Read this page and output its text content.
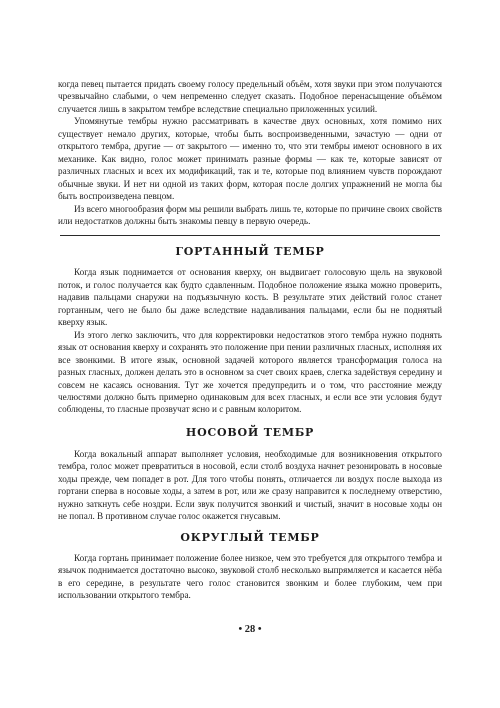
когда певец пытается придать своему голосу предельный объём, хотя звуки при этом получаются чрезвычайно слабыми, о чем непременно следует сказать. Подобное перенасыщение объёмом случается лишь в закрытом тембре вследствие специально приложенных усилий.

Упомянутые тембры нужно рассматривать в качестве двух основных, хотя помимо них существует немало других, которые, чтобы быть воспроизведенными, зачастую — одни от открытого тембра, другие — от закрытого — именно то, что эти тембры имеют основного в их механике. Как видно, голос может принимать разные формы — как те, которые зависят от различных гласных и всех их модификаций, так и те, которые под влиянием чувств порождают обычные звуки. И нет ни одной из таких форм, которая после долгих упражнений не могла бы быть воспроизведена певцом.

Из всего многообразия форм мы решили выбрать лишь те, которые по причине своих свойств или недостатков должны быть знакомы певцу в первую очередь.

ГОРТАННЫЙ ТЕМБР

Когда язык поднимается от основания кверху, он выдвигает голосовую щель на звуковой поток, и голос получается как будто сдавленным. Подобное положение языка можно проверить, надавив пальцами снаружи на подъязычную кость. В результате этих действий голос станет гортанным, чего не было бы даже вследствие надавливания пальцами, если бы не поднятый кверху язык.

Из этого легко заключить, что для корректировки недостатков этого тембра нужно поднять язык от основания кверху и сохранять это положение при пении различных гласных, исполняя их все звонкими. В итоге язык, основной задачей которого является трансформация голоса на разных гласных, должен делать это в основном за счет своих краев, слегка задействуя середину и совсем не касаясь основания. Тут же хочется предупредить и о том, что расстояние между челюстями должно быть примерно одинаковым для всех гласных, и если все эти условия будут соблюдены, то гласные прозвучат ясно и с равным колоритом.

НОСОВОЙ ТЕМБР

Когда вокальный аппарат выполняет условия, необходимые для возникновения открытого тембра, голос может превратиться в носовой, если столб воздуха начнет резонировать в носовые ходы прежде, чем попадет в рот. Для того чтобы понять, отличается ли воздух после выхода из гортани сперва в носовые ходы, а затем в рот, или же сразу направится к последнему отверстию, нужно заткнуть себе ноздри. Если звук получится звонкий и чистый, значит в носовые ходы он не попал. В противном случае голос окажется гнусавым.

ОКРУГЛЫЙ ТЕМБР

Когда гортань принимает положение более низкое, чем это требуется для открытого тембра и язычок поднимается достаточно высоко, звуковой столб несколько выпрямляется и касается нёба в его середине, в результате чего голос становится звонким и более глубоким, чем при использовании открытого тембра.

• 28 •
